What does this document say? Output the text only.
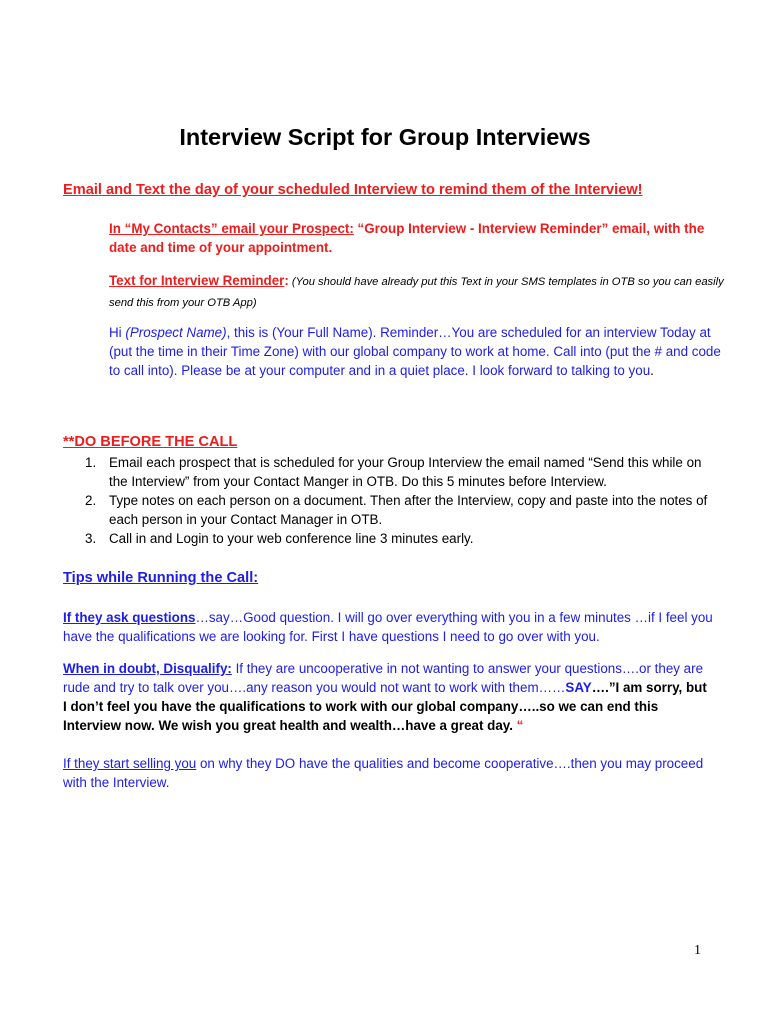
Interview Script for Group Interviews

Email and Text the day of your scheduled Interview to remind them of the Interview!

In “My Contacts” email your Prospect: “Group Interview - Interview Reminder” email, with the date and time of your appointment.

Text for Interview Reminder: (You should have already put this Text in your SMS templates in OTB so you can easily send this from your OTB App)

Hi (Prospect Name), this is (Your Full Name). Reminder…You are scheduled for an interview Today at (put the time in their Time Zone) with our global company to work at home. Call into (put the # and code to call into). Please be at your computer and in a quiet place. I look forward to talking to you.

**DO BEFORE THE CALL

1. Email each prospect that is scheduled for your Group Interview the email named “Send this while on the Interview” from your Contact Manger in OTB. Do this 5 minutes before Interview.
2. Type notes on each person on a document. Then after the Interview, copy and paste into the notes of each person in your Contact Manager in OTB.
3. Call in and Login to your web conference line 3 minutes early.

Tips while Running the Call:

If they ask questions…say…Good question. I will go over everything with you in a few minutes …if I feel you have the qualifications we are looking for. First I have questions I need to go over with you.

When in doubt, Disqualify: If they are uncooperative in not wanting to answer your questions….or they are rude and try to talk over you….any reason you would not want to work with them……SAY….”I am sorry, but I don’t feel you have the qualifications to work with our global company…..so we can end this Interview now. We wish you great health and wealth…have a great day. “

If they start selling you on why they DO have the qualities and become cooperative….then you may proceed with the Interview.

1
